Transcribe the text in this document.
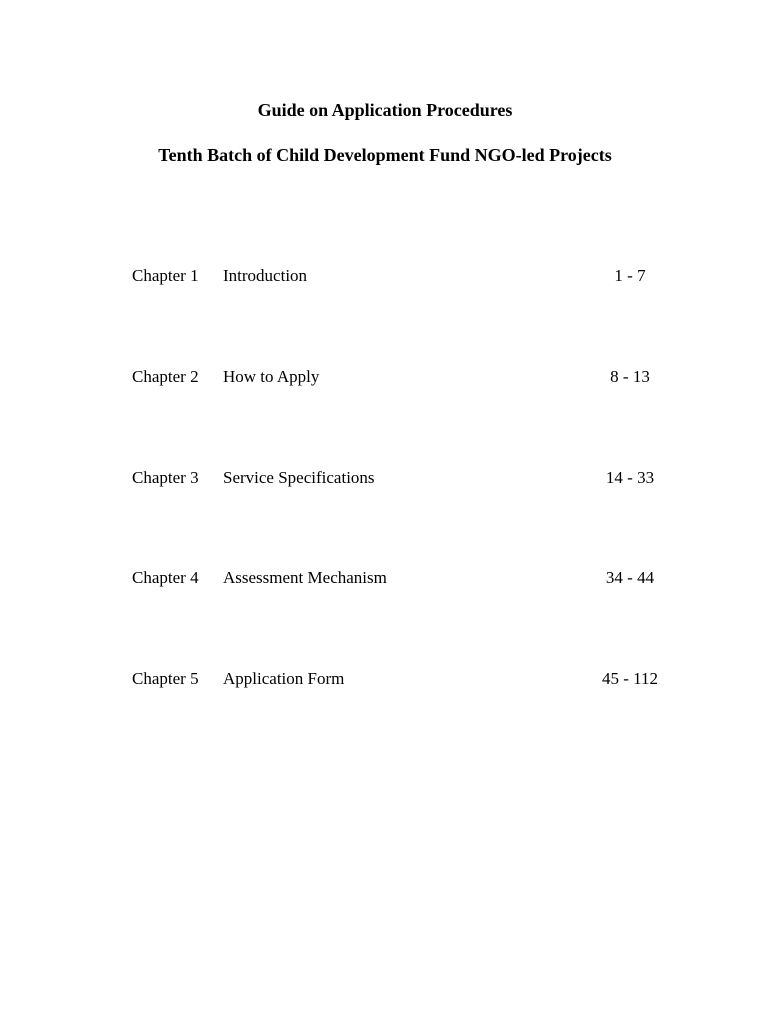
Guide on Application Procedures
Tenth Batch of Child Development Fund NGO-led Projects
Chapter 1 Introduction	1 - 7
Chapter 2 How to Apply	8 - 13
Chapter 3 Service Specifications	14 - 33
Chapter 4 Assessment Mechanism	34 - 44
Chapter 5 Application Form	45 - 112
